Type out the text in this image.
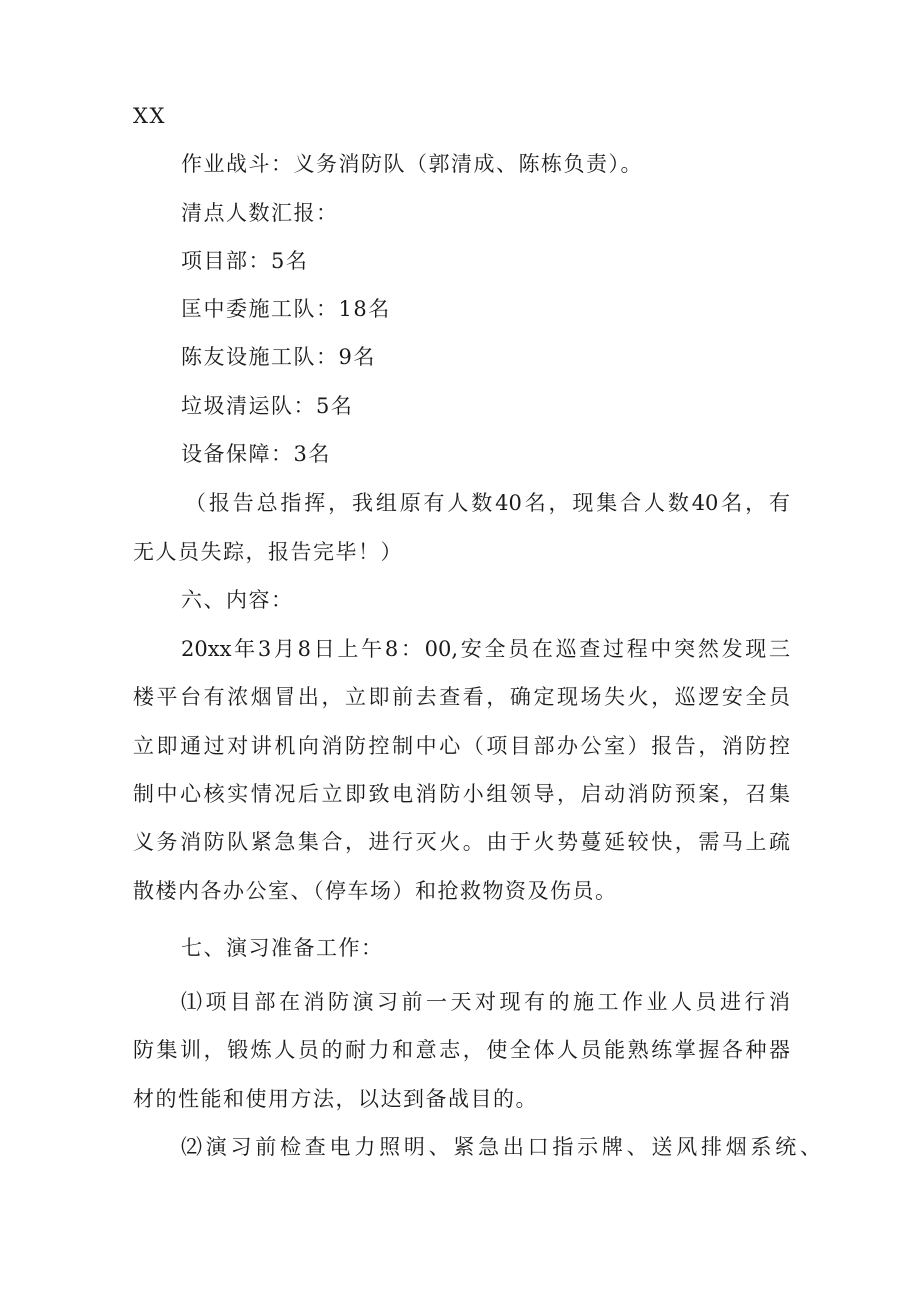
XX
作业战斗：义务消防队（郭清成、陈栋负责）。
清点人数汇报：
项目部：5名
匡中委施工队：18名
陈友设施工队：9名
垃圾清运队：5名
设备保障：3名
（报告总指挥，我组原有人数40名，现集合人数40名，有
无人员失踪，报告完毕！）
六、内容：
20xx年3月8日上午8：00,安全员在巡查过程中突然发现三
楼平台有浓烟冒出，立即前去查看，确定现场失火，巡逻安全员
立即通过对讲机向消防控制中心（项目部办公室）报告，消防控
制中心核实情况后立即致电消防小组领导，启动消防预案，召集
义务消防队紧急集合，进行灭火。由于火势蔓延较快，需马上疏
散楼内各办公室、（停车场）和抢救物资及伤员。
七、演习准备工作：
⑴项目部在消防演习前一天对现有的施工作业人员进行消
防集训，锻炼人员的耐力和意志，使全体人员能熟练掌握各种器
材的性能和使用方法，以达到备战目的。
⑵演习前检查电力照明、紧急出口指示牌、送风排烟系统、
